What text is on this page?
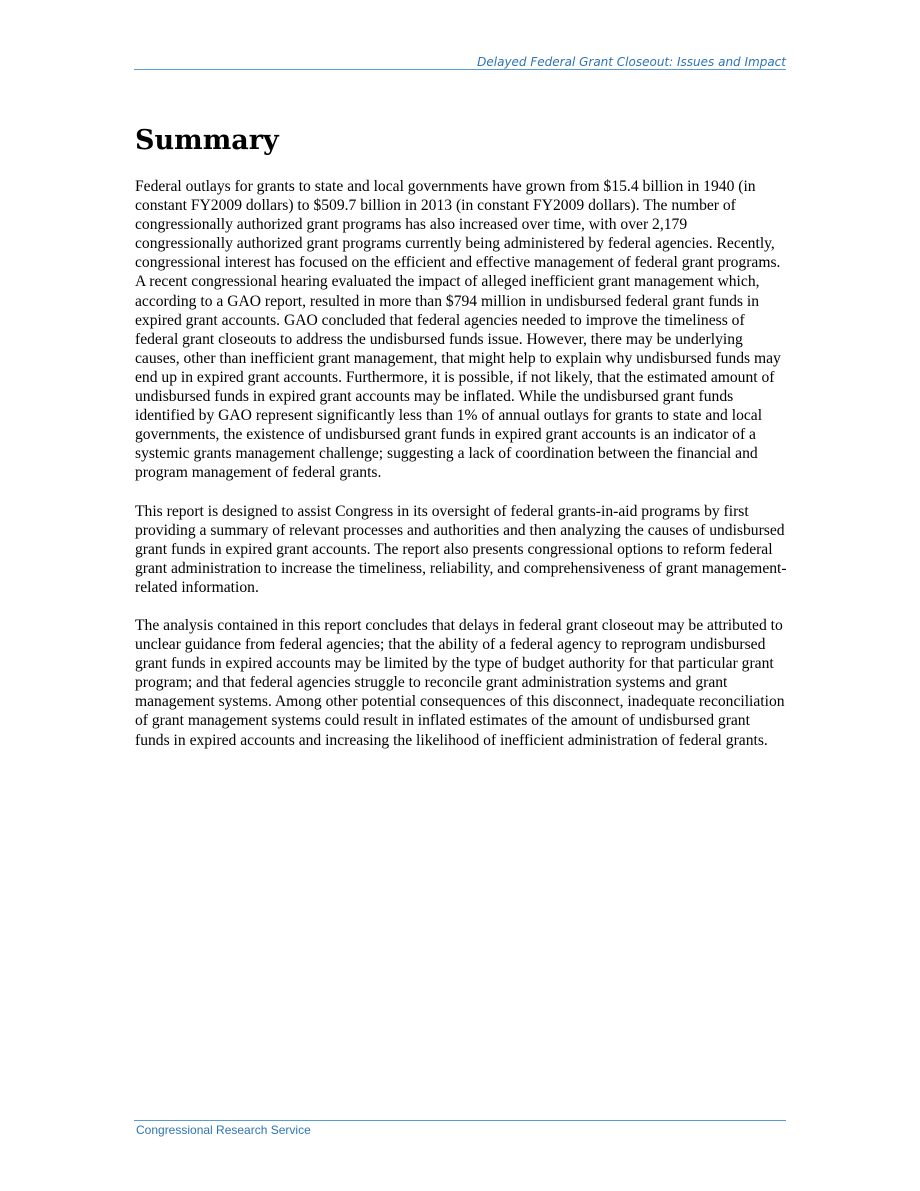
Delayed Federal Grant Closeout: Issues and Impact
Summary

Federal outlays for grants to state and local governments have grown from $15.4 billion in 1940 (in constant FY2009 dollars) to $509.7 billion in 2013 (in constant FY2009 dollars). The number of congressionally authorized grant programs has also increased over time, with over 2,179 congressionally authorized grant programs currently being administered by federal agencies. Recently, congressional interest has focused on the efficient and effective management of federal grant programs. A recent congressional hearing evaluated the impact of alleged inefficient grant management which, according to a GAO report, resulted in more than $794 million in undisbursed federal grant funds in expired grant accounts. GAO concluded that federal agencies needed to improve the timeliness of federal grant closeouts to address the undisbursed funds issue. However, there may be underlying causes, other than inefficient grant management, that might help to explain why undisbursed funds may end up in expired grant accounts. Furthermore, it is possible, if not likely, that the estimated amount of undisbursed funds in expired grant accounts may be inflated. While the undisbursed grant funds identified by GAO represent significantly less than 1% of annual outlays for grants to state and local governments, the existence of undisbursed grant funds in expired grant accounts is an indicator of a systemic grants management challenge; suggesting a lack of coordination between the financial and program management of federal grants.

This report is designed to assist Congress in its oversight of federal grants-in-aid programs by first providing a summary of relevant processes and authorities and then analyzing the causes of undisbursed grant funds in expired grant accounts. The report also presents congressional options to reform federal grant administration to increase the timeliness, reliability, and comprehensiveness of grant management-related information.

The analysis contained in this report concludes that delays in federal grant closeout may be attributed to unclear guidance from federal agencies; that the ability of a federal agency to reprogram undisbursed grant funds in expired accounts may be limited by the type of budget authority for that particular grant program; and that federal agencies struggle to reconcile grant administration systems and grant management systems. Among other potential consequences of this disconnect, inadequate reconciliation of grant management systems could result in inflated estimates of the amount of undisbursed grant funds in expired accounts and increasing the likelihood of inefficient administration of federal grants.

Congressional Research Service
